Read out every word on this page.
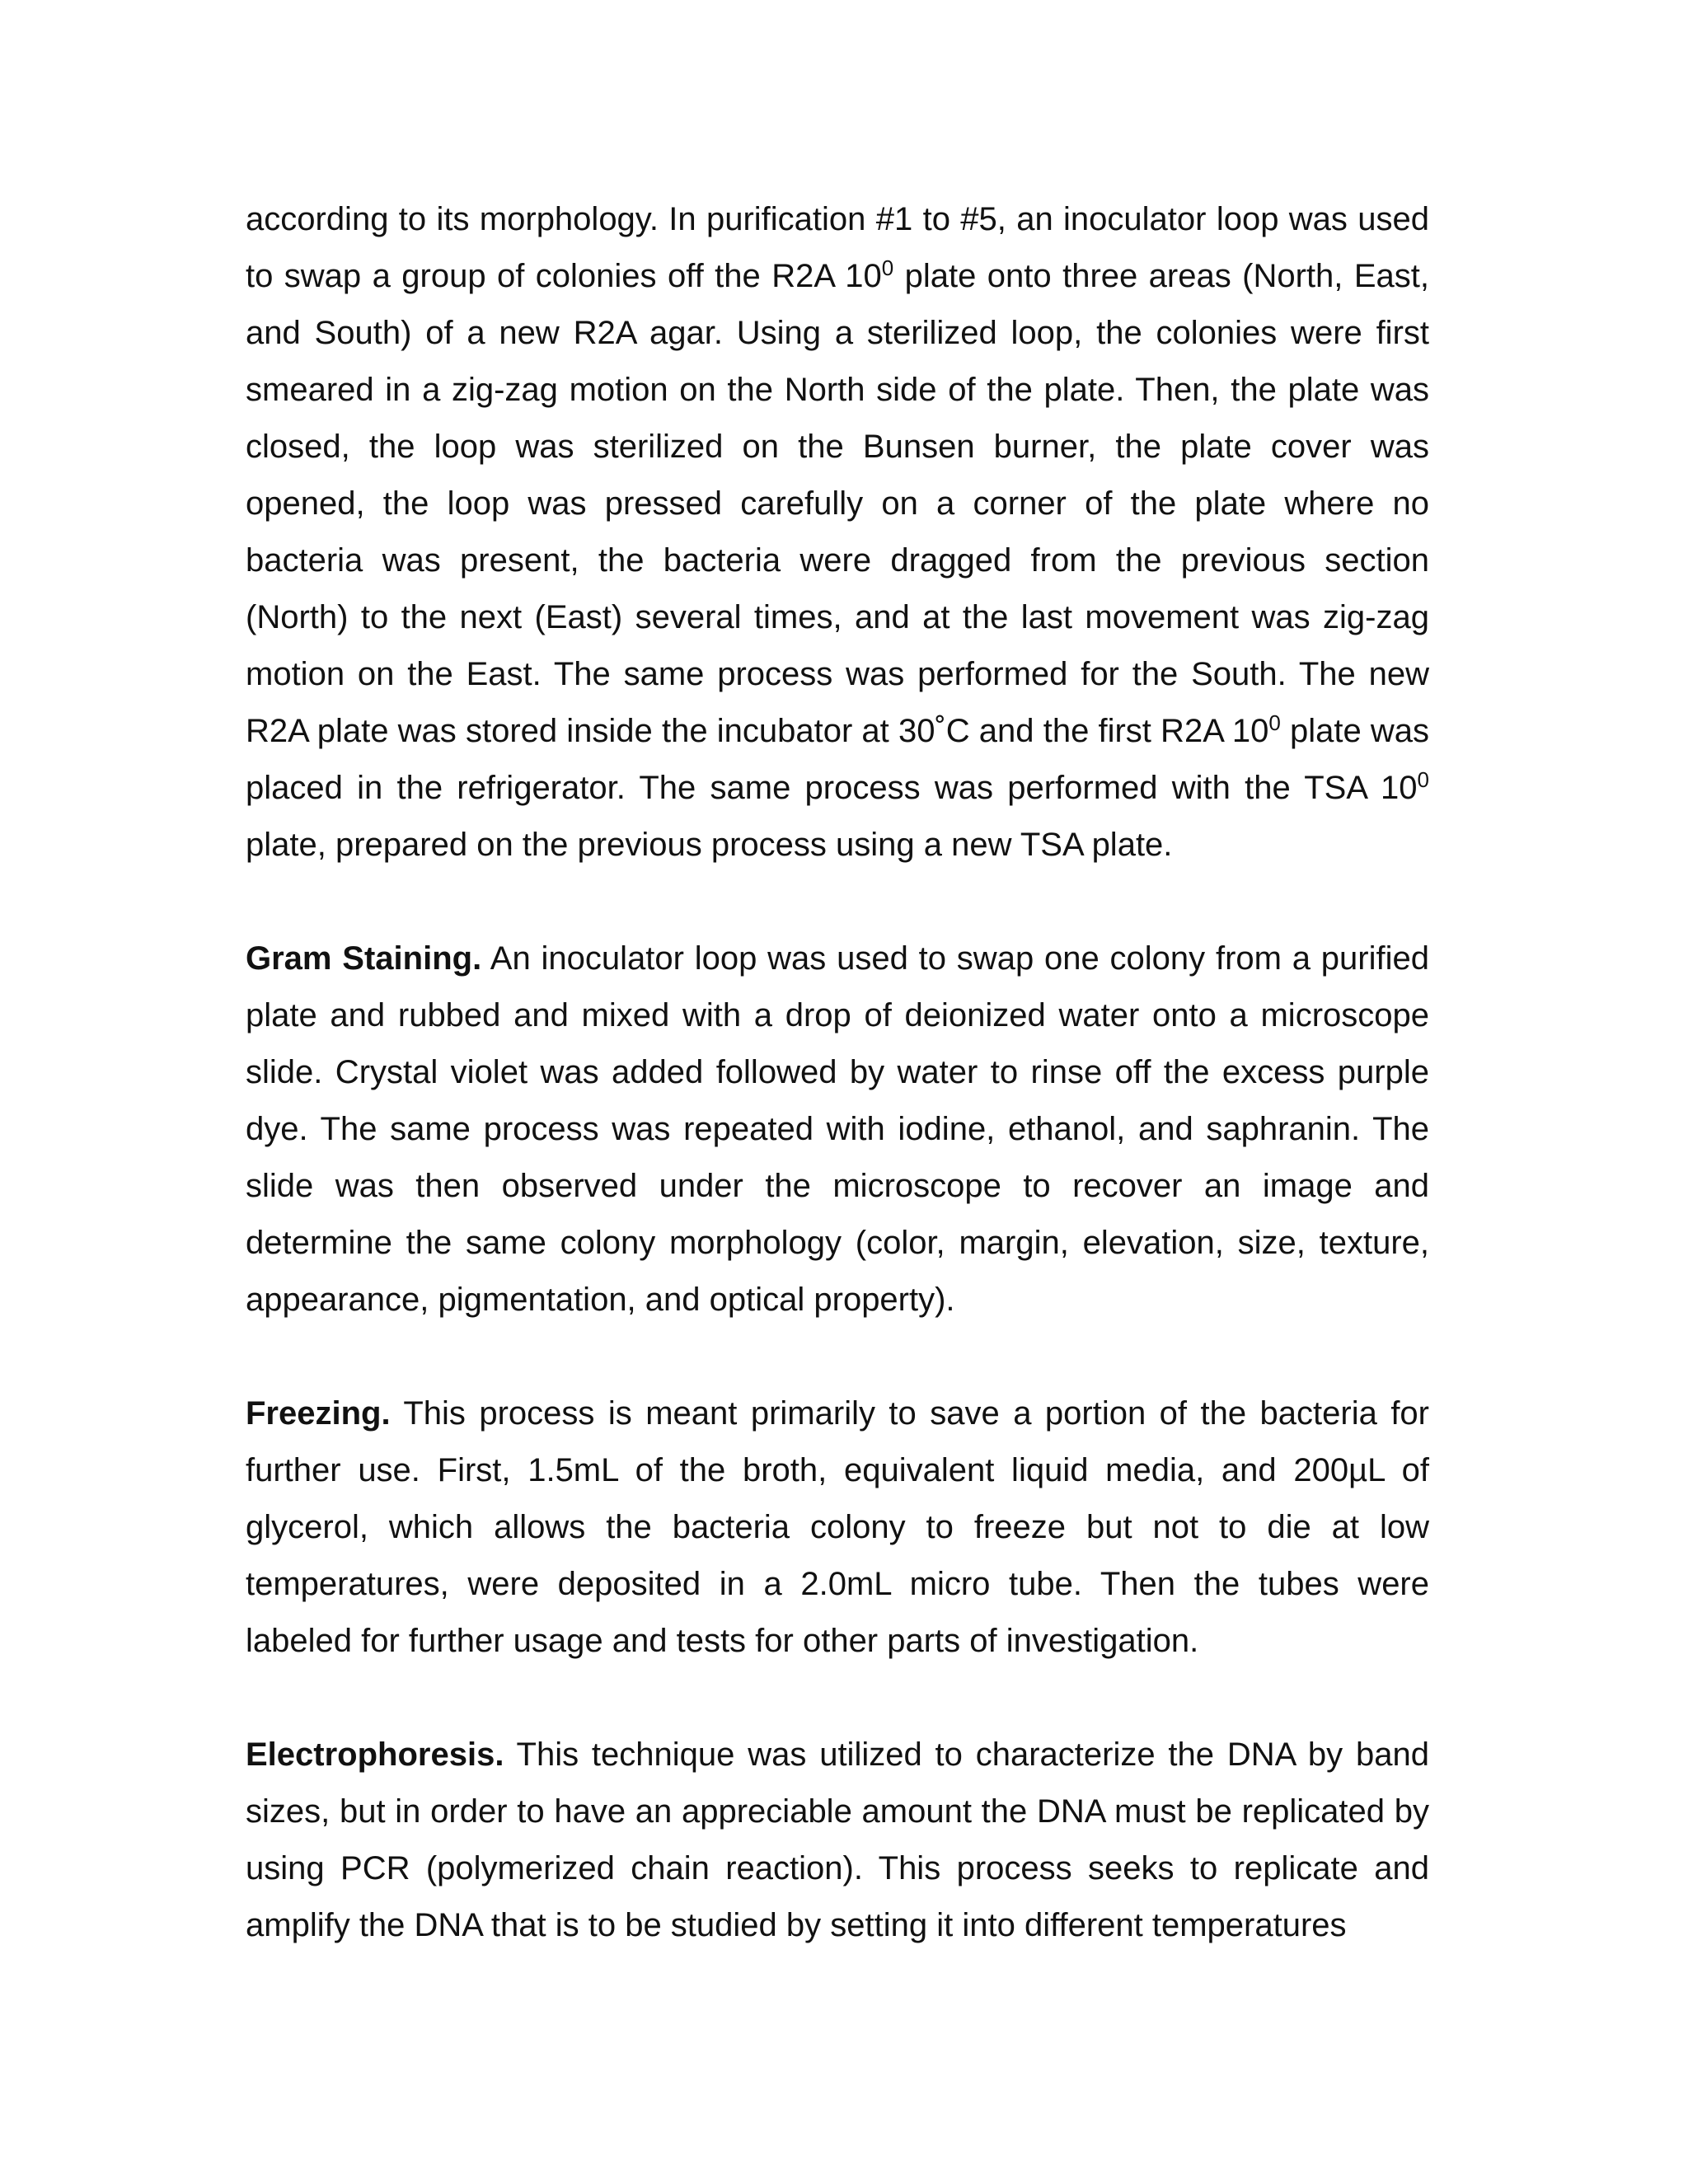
according to its morphology. In purification #1 to #5, an inoculator loop was used to swap a group of colonies off the R2A $10^0$ plate onto three areas (North, East, and South) of a new R2A agar. Using a sterilized loop, the colonies were first smeared in a zig-zag motion on the North side of the plate. Then, the plate was closed, the loop was sterilized on the Bunsen burner, the plate cover was opened, the loop was pressed carefully on a corner of the plate where no bacteria was present, the bacteria were dragged from the previous section (North) to the next (East) several times, and at the last movement was zig-zag motion on the East. The same process was performed for the South. The new R2A plate was stored inside the incubator at 30˚C and the first R2A $10^0$ plate was placed in the refrigerator. The same process was performed with the TSA $10^0$ plate, prepared on the previous process using a new TSA plate.

Gram Staining. An inoculator loop was used to swap one colony from a purified plate and rubbed and mixed with a drop of deionized water onto a microscope slide. Crystal violet was added followed by water to rinse off the excess purple dye. The same process was repeated with iodine, ethanol, and saphranin. The slide was then observed under the microscope to recover an image and determine the same colony morphology (color, margin, elevation, size, texture, appearance, pigmentation, and optical property).

Freezing. This process is meant primarily to save a portion of the bacteria for further use. First, 1.5mL of the broth, equivalent liquid media, and 200µL of glycerol, which allows the bacteria colony to freeze but not to die at low temperatures, were deposited in a 2.0mL micro tube. Then the tubes were labeled for further usage and tests for other parts of investigation.

Electrophoresis. This technique was utilized to characterize the DNA by band sizes, but in order to have an appreciable amount the DNA must be replicated by using PCR (polymerized chain reaction). This process seeks to replicate and amplify the DNA that is to be studied by setting it into different temperatures
